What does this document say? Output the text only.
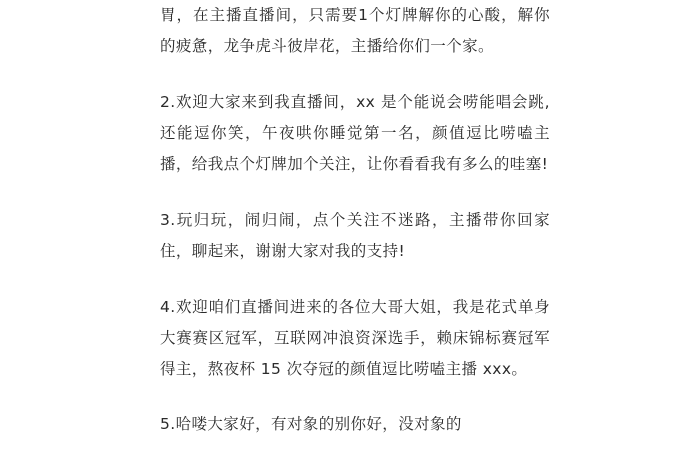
胃，在主播直播间，只需要1个灯牌解你的心酸，解你的疲惫，龙争虎斗彼岸花，主播给你们一个家。

2.欢迎大家来到我直播间，xx 是个能说会唠能唱会跳,还能逗你笑，午夜哄你睡觉第一名，颜值逗比唠嗑主播，给我点个灯牌加个关注，让你看看我有多么的哇塞!

3.玩归玩，闹归闹，点个关注不迷路，主播带你回家住，聊起来，谢谢大家对我的支持!

4.欢迎咱们直播间进来的各位大哥大姐，我是花式单身大赛赛区冠军，互联网冲浪资深选手，赖床锦标赛冠军得主，熬夜杯 15 次夺冠的颜值逗比唠嗑主播 xxx。

5.哈喽大家好，有对象的别你好，没对象的
